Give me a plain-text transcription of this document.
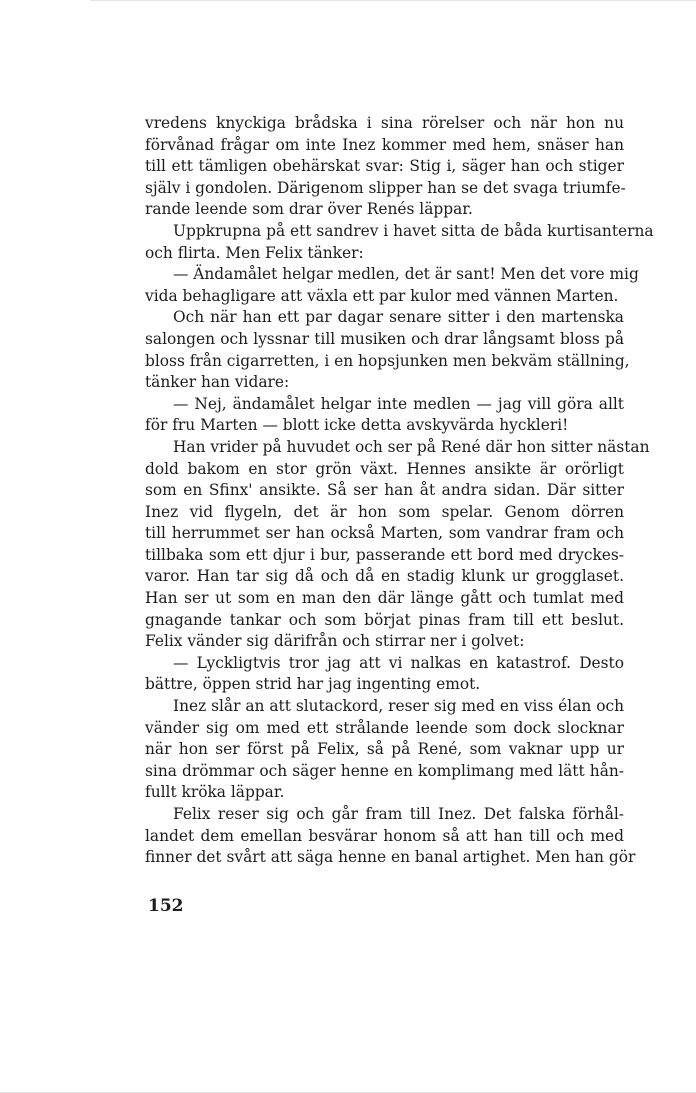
vredens knyckiga brådska i sina rörelser och när hon nu
förvånad frågar om inte Inez kommer med hem, snäser han
till ett tämligen obehärskat svar: Stig i, säger han och stiger
själv i gondolen. Därigenom slipper han se det svaga triumfe-
rande leende som drar över Renés läppar.
Uppkrupna på ett sandrev i havet sitta de båda kurtisanterna
och flirta. Men Felix tänker:
— Ändamålet helgar medlen, det är sant! Men det vore mig
vida behagligare att växla ett par kulor med vännen Marten.
Och när han ett par dagar senare sitter i den martenska
salongen och lyssnar till musiken och drar långsamt bloss på
bloss från cigarretten, i en hopsjunken men bekväm ställning,
tänker han vidare:
— Nej, ändamålet helgar inte medlen — jag vill göra allt
för fru Marten — blott icke detta avskyvärda hyckleri!
Han vrider på huvudet och ser på René där hon sitter nästan
dold bakom en stor grön växt. Hennes ansikte är orörligt
som en Sfinx' ansikte. Så ser han åt andra sidan. Där sitter
Inez vid flygeln, det är hon som spelar. Genom dörren
till herrummet ser han också Marten, som vandrar fram och
tillbaka som ett djur i bur, passerande ett bord med dryckes-
varor. Han tar sig då och då en stadig klunk ur grogglaset.
Han ser ut som en man den där länge gått och tumlat med
gnagande tankar och som börjat pinas fram till ett beslut.
Felix vänder sig därifrån och stirrar ner i golvet:
— Lyckligtvis tror jag att vi nalkas en katastrof. Desto
bättre, öppen strid har jag ingenting emot.
Inez slår an att slutackord, reser sig med en viss élan och
vänder sig om med ett strålande leende som dock slocknar
när hon ser först på Felix, så på René, som vaknar upp ur
sina drömmar och säger henne en komplimang med lätt hån-
fullt kröka läppar.
Felix reser sig och går fram till Inez. Det falska förhål-
landet dem emellan besvärar honom så att han till och med
finner det svårt att säga henne en banal artighet. Men han gör
152
